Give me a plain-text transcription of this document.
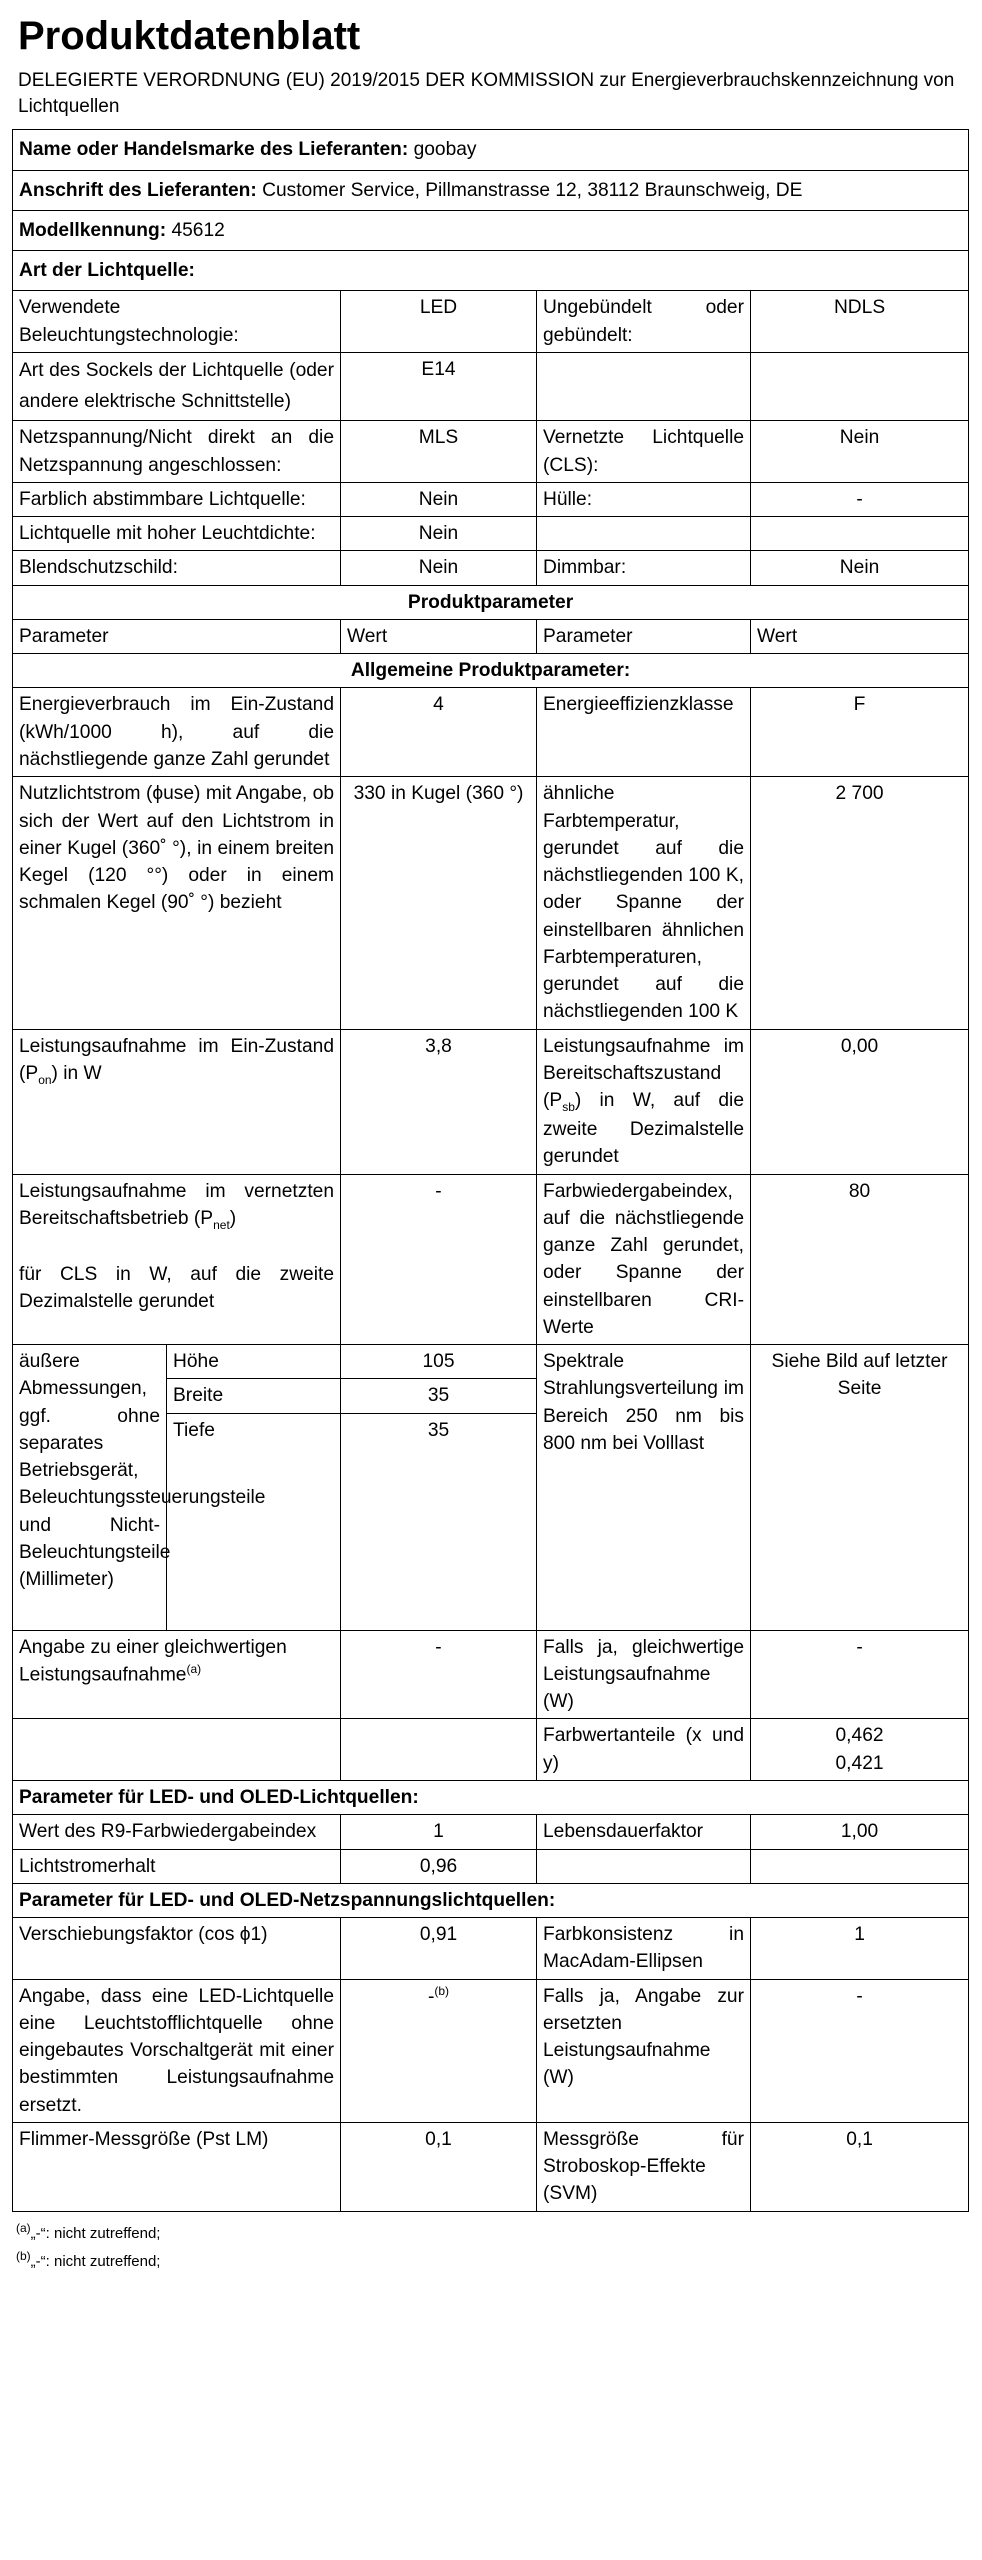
Produktdatenblatt
DELEGIERTE VERORDNUNG (EU) 2019/2015 DER KOMMISSION zur Energieverbrauchskennzeichnung von Lichtquellen
Name oder Handelsmarke des Lieferanten: goobay				
Anschrift des Lieferanten: Customer Service, Pillmanstrasse 12, 38112 Braunschweig, DE				
Modellkennung: 45612				
Art der Lichtquelle:				
Verwendete Beleuchtungstechnologie:		LED	Ungebündelt oder gebündelt:	NDLS
Art des Sockels der Lichtquelle (oder andere elektrische Schnittstelle)		E14		
Netzspannung/Nicht direkt an die Netzspannung angeschlossen:		MLS	Vernetzte Lichtquelle (CLS):	Nein
Farblich abstimmbare Lichtquelle:		Nein	Hülle:	-
Lichtquelle mit hoher Leuchtdichte:		Nein		
Blendschutzschild:		Nein	Dimmbar:	Nein
Produktparameter				
Parameter		Wert	Parameter	Wert
Allgemeine Produktparameter:				
Energieverbrauch im Ein-Zustand (kWh/1000 h), auf die nächstliegende ganze Zahl gerundet		4	Energieeffizienzklasse	F
Nutzlichtstrom (ϕuse) mit Angabe, ob sich der Wert auf den Lichtstrom in einer Kugel (360˚ °), in einem breiten Kegel (120 °°) oder in einem schmalen Kegel (90˚ °) bezieht		330 in Kugel (360 °)	ähnliche Farbtemperatur, gerundet auf die nächstliegenden 100 K, oder Spanne der einstellbaren ähnlichen Farbtemperaturen, gerundet auf die nächstliegenden 100 K	2 700
Leistungsaufnahme im Ein-Zustand $(P_{on})$ in W		3,8	Leistungsaufnahme im Bereitschaftszustand $(P_{sb})$ in W, auf die zweite Dezimalstelle gerundet	0,00
Leistungsaufnahme im vernetzten Bereitschaftsbetrieb $(P_{net})$

für CLS in W, auf die zweite Dezimalstelle gerundet		-	Farbwiedergabeindex, auf die nächstliegende ganze Zahl gerundet, oder Spanne der einstellbaren CRI-Werte	80
äußere Abmessungen, ggf. ohne separates Betriebsgerät, Beleuchtungssteuerungsteile und Nicht-Beleuchtungsteile (Millimeter)	Höhe	105	Spektrale Strahlungsverteilung im Bereich 250 nm bis 800 nm bei Volllast	Siehe Bild auf letzter Seite
	Breite	35		
	Tiefe	35		
Angabe zu einer gleichwertigen Leistungsaufnahme$^{(a)}$		-	Falls ja, gleichwertige Leistungsaufnahme (W)	-
			Farbwertanteile (x und y)	0,462
0,421
Parameter für LED- und OLED-Lichtquellen:				
Wert des R9-Farbwiedergabeindex		1	Lebensdauerfaktor	1,00
Lichtstromerhalt		0,96		
Parameter für LED- und OLED-Netzspannungslichtquellen:				
Verschiebungsfaktor (cos ϕ1)		0,91	Farbkonsistenz in MacAdam-Ellipsen	1
Angabe, dass eine LED-Lichtquelle eine Leuchtstofflichtquelle ohne eingebautes Vorschaltgerät mit einer bestimmten Leistungsaufnahme ersetzt.		-$^{(b)}$	Falls ja, Angabe zur ersetzten Leistungsaufnahme (W)	-
Flimmer-Messgröße (Pst LM)		0,1	Messgröße für Stroboskop-Effekte (SVM)	0,1
$^{(a)}$„-“: nicht zutreffend;
$^{(b)}$„-“: nicht zutreffend;
